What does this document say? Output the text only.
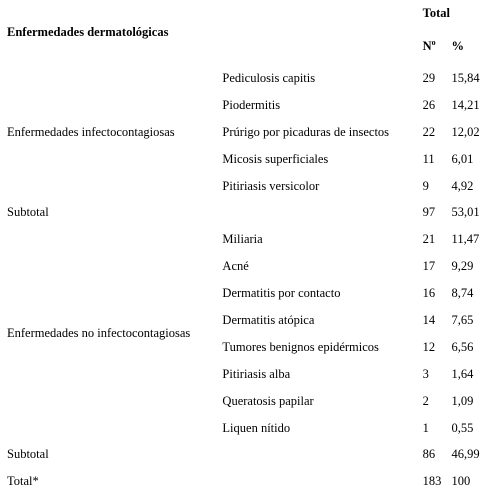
Enfermedades dermatológicas		Total	
		$N^o$	%
Enfermedades infectocontagiosas	Pediculosis capitis	29	15,84
	Piodermitis	26	14,21
	Prúrigo por picaduras de insectos	22	12,02
	Micosis superficiales	11	6,01
	Pitiriasis versicolor	9	4,92
Subtotal		97	53,01
Enfermedades no infectocontagiosas	Miliaria	21	11,47
	Acné	17	9,29
	Dermatitis por contacto	16	8,74
	Dermatitis atópica	14	7,65
	Tumores benignos epidérmicos	12	6,56
	Pitiriasis alba	3	1,64
	Queratosis papilar	2	1,09
	Liquen nítido	1	0,55
Subtotal		86	46,99
Total*		183	100
